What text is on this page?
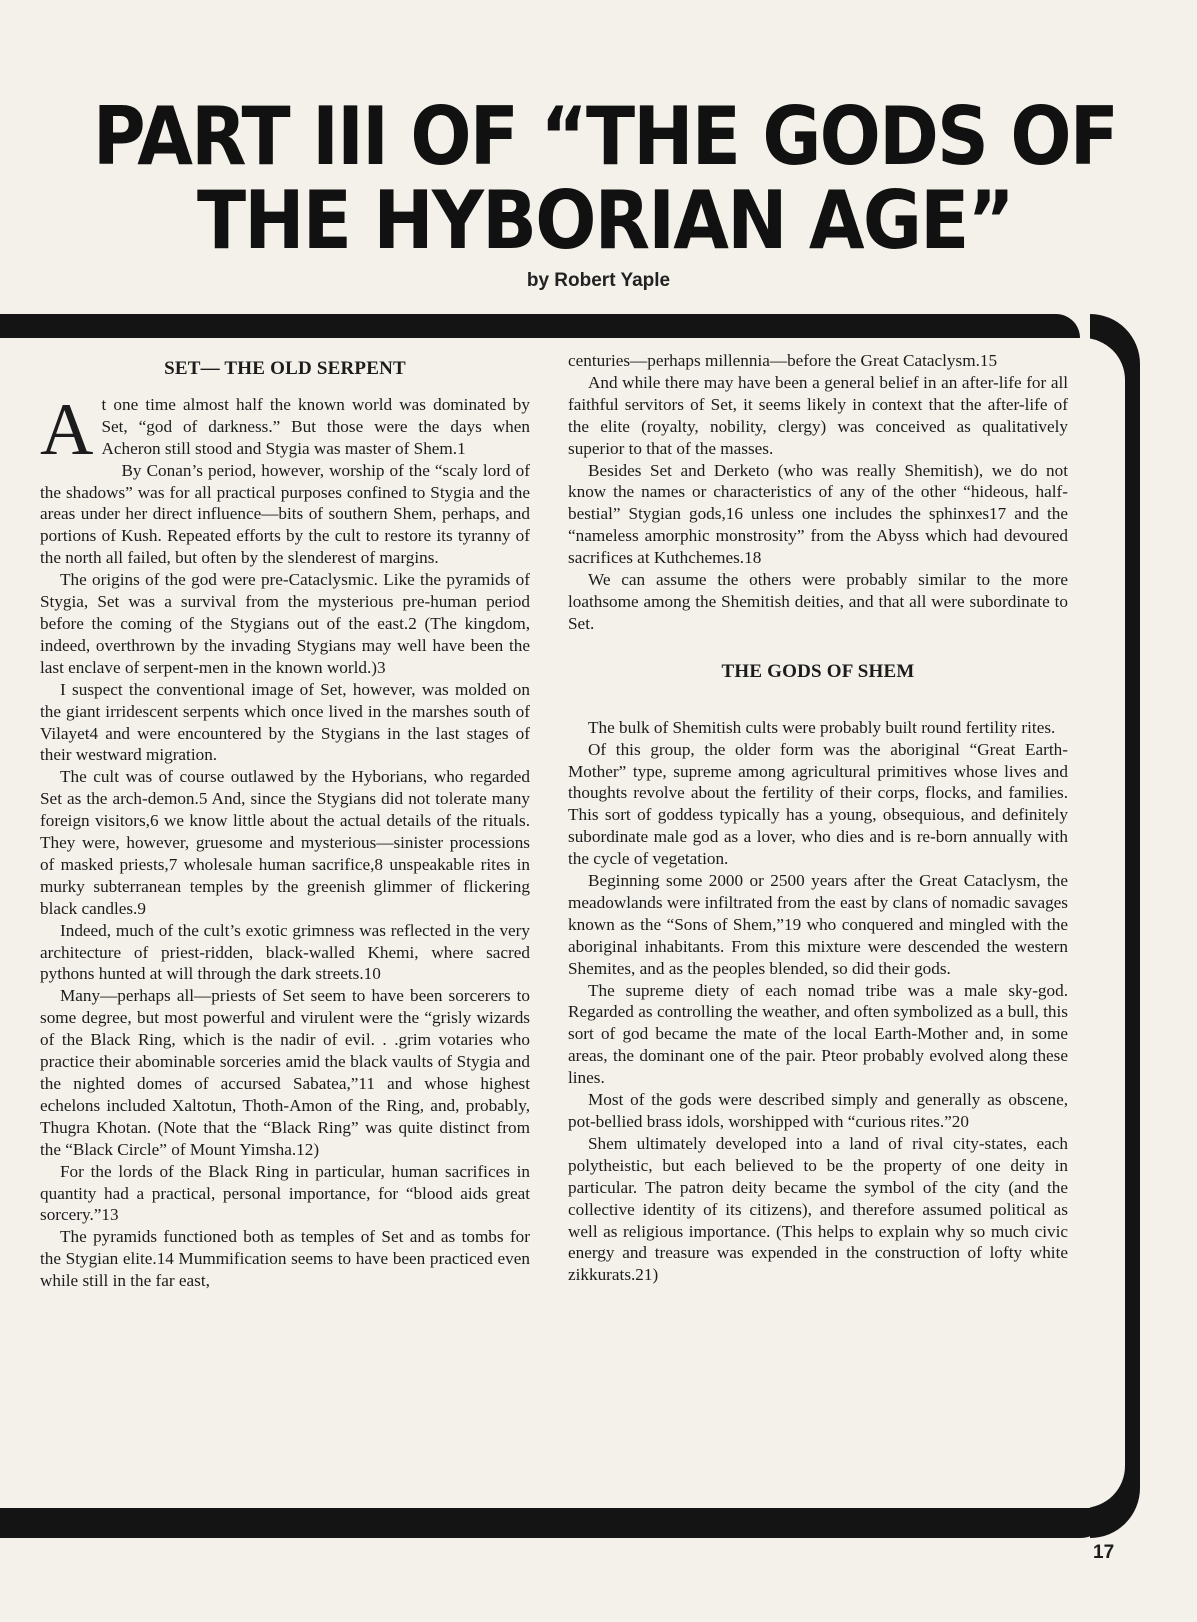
PART III OF “THE GODS OF
THE HYBORIAN AGE”
by Robert Yaple
SET— THE OLD SERPENT

At one time almost half the known world was dominated by Set, “god of darkness.” But those were the days when Acheron still stood and Stygia was master of Shem.1

By Conan’s period, however, worship of the “scaly lord of the shadows” was for all practical purposes confined to Stygia and the areas under her direct influence—bits of southern Shem, perhaps, and portions of Kush. Repeated efforts by the cult to restore its tyranny of the north all failed, but often by the slenderest of margins.

The origins of the god were pre-Cataclysmic. Like the pyramids of Stygia, Set was a survival from the mysterious pre-human period before the coming of the Stygians out of the east.2 (The kingdom, indeed, overthrown by the invading Stygians may well have been the last enclave of serpent-men in the known world.)3

I suspect the conventional image of Set, however, was molded on the giant irridescent serpents which once lived in the marshes south of Vilayet4 and were encountered by the Stygians in the last stages of their westward migration.

The cult was of course outlawed by the Hyborians, who regarded Set as the arch-demon.5 And, since the Stygians did not tolerate many foreign visitors,6 we know little about the actual details of the rituals. They were, however, gruesome and mysterious—sinister processions of masked priests,7 wholesale human sacrifice,8 unspeakable rites in murky subterranean temples by the greenish glimmer of flickering black candles.9

Indeed, much of the cult’s exotic grimness was reflected in the very architecture of priest-ridden, black-walled Khemi, where sacred pythons hunted at will through the dark streets.10

Many—perhaps all—priests of Set seem to have been sorcerers to some degree, but most powerful and virulent were the “grisly wizards of the Black Ring, which is the nadir of evil. . .grim votaries who practice their abominable sorceries amid the black vaults of Stygia and the nighted domes of accursed Sabatea,”11 and whose highest echelons included Xaltotun, Thoth-Amon of the Ring, and, probably, Thugra Khotan. (Note that the “Black Ring” was quite distinct from the “Black Circle” of Mount Yimsha.12)

For the lords of the Black Ring in particular, human sacrifices in quantity had a practical, personal importance, for “blood aids great sorcery.”13

The pyramids functioned both as temples of Set and as tombs for the Stygian elite.14 Mummification seems to have been practiced even while still in the far east,

centuries—perhaps millennia—before the Great Cataclysm.15

And while there may have been a general belief in an after-life for all faithful servitors of Set, it seems likely in context that the after-life of the elite (royalty, nobility, clergy) was conceived as qualitatively superior to that of the masses.

Besides Set and Derketo (who was really Shemitish), we do not know the names or characteristics of any of the other “hideous, half-bestial” Stygian gods,16 unless one includes the sphinxes17 and the “nameless amorphic monstrosity” from the Abyss which had devoured sacrifices at Kuthchemes.18

We can assume the others were probably similar to the more loathsome among the Shemitish deities, and that all were subordinate to Set.

THE GODS OF SHEM

The bulk of Shemitish cults were probably built round fertility rites.

Of this group, the older form was the aboriginal “Great Earth-Mother” type, supreme among agricultural primitives whose lives and thoughts revolve about the fertility of their corps, flocks, and families. This sort of goddess typically has a young, obsequious, and definitely subordinate male god as a lover, who dies and is re-born annually with the cycle of vegetation.

Beginning some 2000 or 2500 years after the Great Cataclysm, the meadowlands were infiltrated from the east by clans of nomadic savages known as the “Sons of Shem,”19 who conquered and mingled with the aboriginal inhabitants. From this mixture were descended the western Shemites, and as the peoples blended, so did their gods.

The supreme diety of each nomad tribe was a male sky-god. Regarded as controlling the weather, and often symbolized as a bull, this sort of god became the mate of the local Earth-Mother and, in some areas, the dominant one of the pair. Pteor probably evolved along these lines.

Most of the gods were described simply and generally as obscene, pot-bellied brass idols, worshipped with “curious rites.”20

Shem ultimately developed into a land of rival city-states, each polytheistic, but each believed to be the property of one deity in particular. The patron deity became the symbol of the city (and the collective identity of its citizens), and therefore assumed political as well as religious importance. (This helps to explain why so much civic energy and treasure was expended in the construction of lofty white zikkurats.21)

17
